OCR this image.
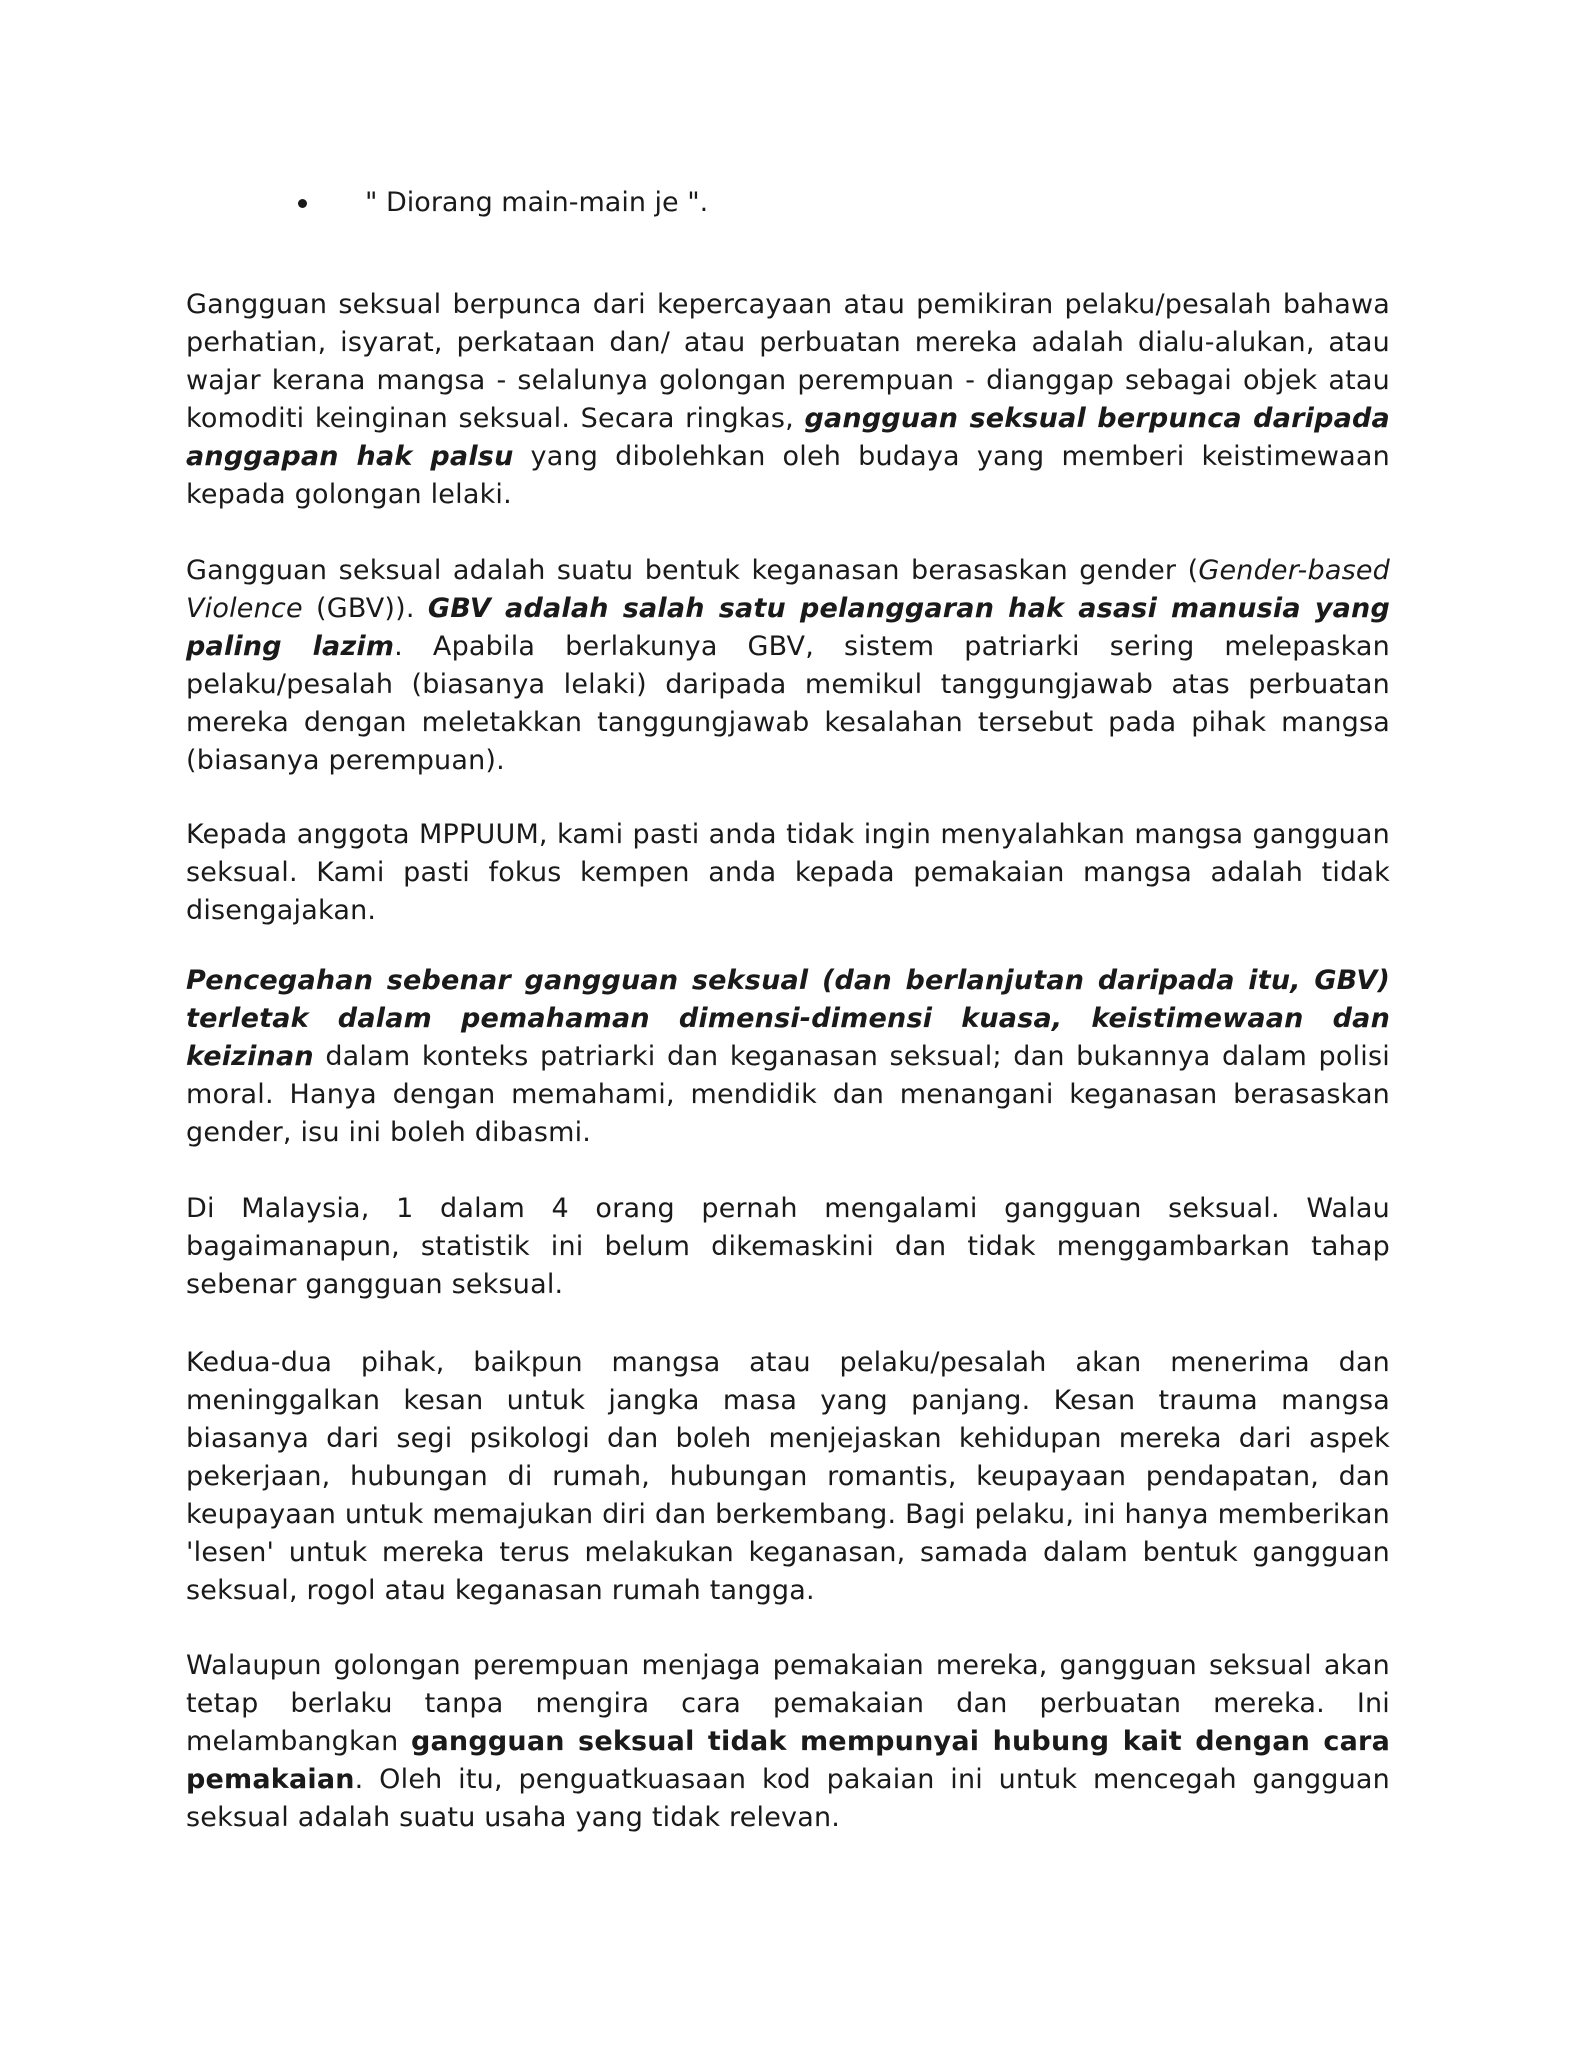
" Diorang main-main je ".

Gangguan seksual berpunca dari kepercayaan atau pemikiran pelaku/pesalah bahawa perhatian, isyarat, perkataan dan/ atau perbuatan mereka adalah dialu-alukan, atau wajar kerana mangsa - selalunya golongan perempuan - dianggap sebagai objek atau komoditi keinginan seksual. Secara ringkas, gangguan seksual berpunca daripada anggapan hak palsu yang dibolehkan oleh budaya yang memberi keistimewaan kepada golongan lelaki.

Gangguan seksual adalah suatu bentuk keganasan berasaskan gender (Gender-based Violence (GBV)). GBV adalah salah satu pelanggaran hak asasi manusia yang paling lazim. Apabila berlakunya GBV, sistem patriarki sering melepaskan pelaku/pesalah (biasanya lelaki) daripada memikul tanggungjawab atas perbuatan mereka dengan meletakkan tanggungjawab kesalahan tersebut pada pihak mangsa (biasanya perempuan).

Kepada anggota MPPUUM, kami pasti anda tidak ingin menyalahkan mangsa gangguan seksual. Kami pasti fokus kempen anda kepada pemakaian mangsa adalah tidak disengajakan.

Pencegahan sebenar gangguan seksual (dan berlanjutan daripada itu, GBV) terletak dalam pemahaman dimensi-dimensi kuasa, keistimewaan dan keizinan dalam konteks patriarki dan keganasan seksual; dan bukannya dalam polisi moral. Hanya dengan memahami, mendidik dan menangani keganasan berasaskan gender, isu ini boleh dibasmi.

Di Malaysia, 1 dalam 4 orang pernah mengalami gangguan seksual. Walau bagaimanapun, statistik ini belum dikemaskini dan tidak menggambarkan tahap sebenar gangguan seksual.

Kedua-dua pihak, baikpun mangsa atau pelaku/pesalah akan menerima dan meninggalkan kesan untuk jangka masa yang panjang. Kesan trauma mangsa biasanya dari segi psikologi dan boleh menjejaskan kehidupan mereka dari aspek pekerjaan, hubungan di rumah, hubungan romantis, keupayaan pendapatan, dan keupayaan untuk memajukan diri dan berkembang. Bagi pelaku, ini hanya memberikan 'lesen' untuk mereka terus melakukan keganasan, samada dalam bentuk gangguan seksual, rogol atau keganasan rumah tangga.

Walaupun golongan perempuan menjaga pemakaian mereka, gangguan seksual akan tetap berlaku tanpa mengira cara pemakaian dan perbuatan mereka. Ini melambangkan gangguan seksual tidak mempunyai hubung kait dengan cara pemakaian. Oleh itu, penguatkuasaan kod pakaian ini untuk mencegah gangguan seksual adalah suatu usaha yang tidak relevan.
